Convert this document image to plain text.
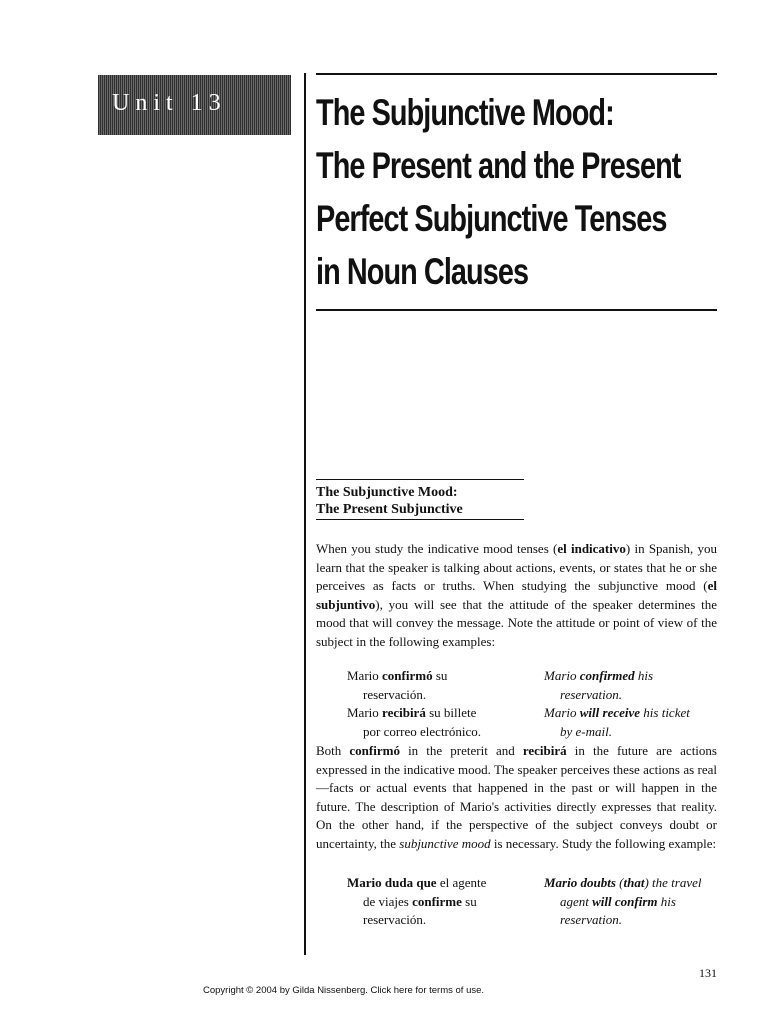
Unit 13 The Subjunctive Mood:
The Present and the Present
Perfect Subjunctive Tenses
in Noun Clauses
The Subjunctive Mood:
The Present Subjunctive

When you study the indicative mood tenses (el indicativo) in Spanish, you learn that the speaker is talking about actions, events, or states that he or she perceives as facts or truths. When studying the subjunctive mood (el subjuntivo), you will see that the attitude of the speaker determines the mood that will convey the message. Note the attitude or point of view of the subject in the following examples:

Mario confirmó su
reservación.
Mario recibirá su billete
por correo electrónico.
Mario confirmed his
reservation.
Mario will receive his ticket
by e-mail.

Both confirmó in the preterit and recibirá in the future are actions expressed in the indicative mood. The speaker perceives these actions as real—facts or actual events that happened in the past or will happen in the future. The description of Mario's activities directly expresses that reality. On the other hand, if the perspective of the subject conveys doubt or uncertainty, the subjunctive mood is necessary. Study the following example:

Mario duda que el agente
de viajes confirme su
reservación.
Mario doubts (that) the travel
agent will confirm his
reservation.
131
Copyright © 2004 by Gilda Nissenberg. Click here for terms of use.
